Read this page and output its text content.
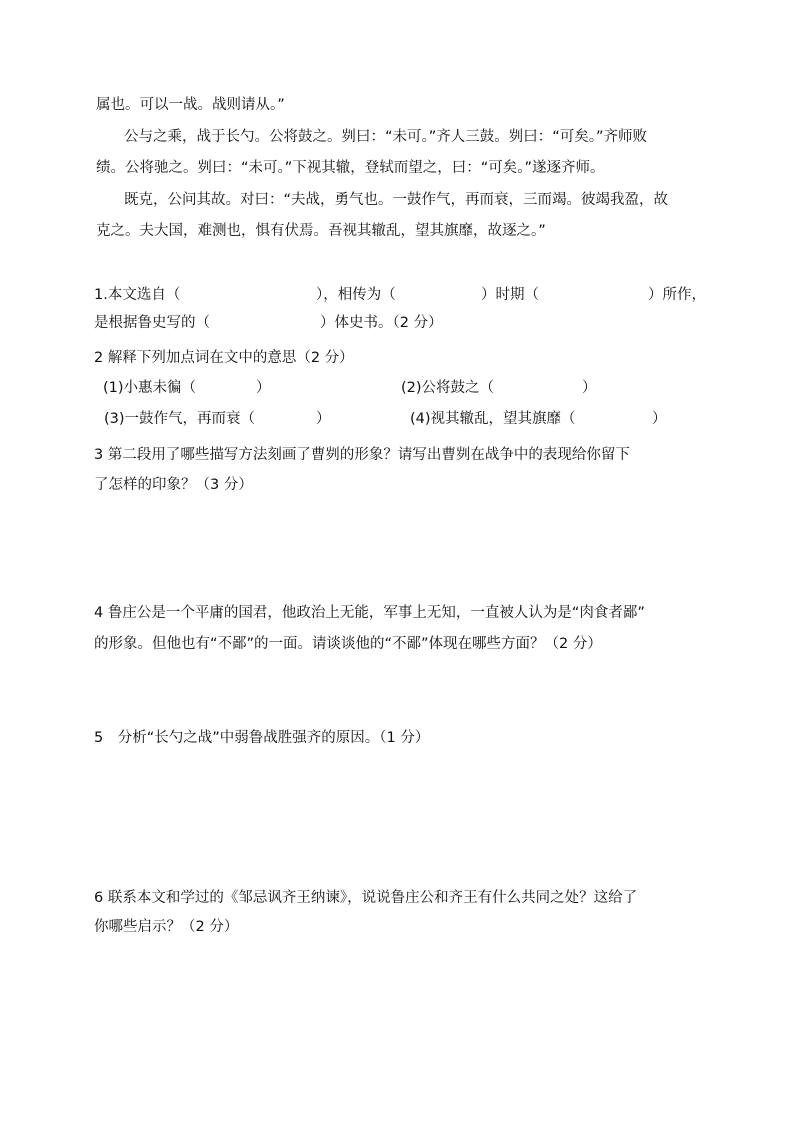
属也。可以一战。战则请从。”
公与之乘，战于长勺。公将鼓之。刿曰：“未可。”齐人三鼓。刿曰：“可矣。”齐师败
绩。公将驰之。刿曰：“未可。”下视其辙，登轼而望之，曰：“可矣。”遂逐齐师。
既克，公问其故。对曰：“夫战，勇气也。一鼓作气，再而衰，三而竭。彼竭我盈，故
克之。夫大国，难测也，惧有伏焉。吾视其辙乱，望其旗靡，故逐之。”
1.本文选自（	），相传为（	）时期（	）所作，
是根据鲁史写的（	）体史书。（2 分）
2 解释下列加点词在文中的意思（2 分）
(1)小惠未徧（	）	(2)公将鼓之（	）
(3)一鼓作气，再而衰（	）	(4)视其辙乱，望其旗靡（	）
3 第二段用了哪些描写方法刻画了曹刿的形象？请写出曹刿在战争中的表现给你留下
了怎样的印象？（3 分）
4 鲁庄公是一个平庸的国君，他政治上无能，军事上无知，一直被人认为是“肉食者鄙”
的形象。但他也有“不鄙”的一面。请谈谈他的“不鄙”体现在哪些方面？（2 分）
5　分析“长勺之战”中弱鲁战胜强齐的原因。（1 分）
6 联系本文和学过的《邹忌讽齐王纳谏》，说说鲁庄公和齐王有什么共同之处？这给了
你哪些启示？（2 分）
